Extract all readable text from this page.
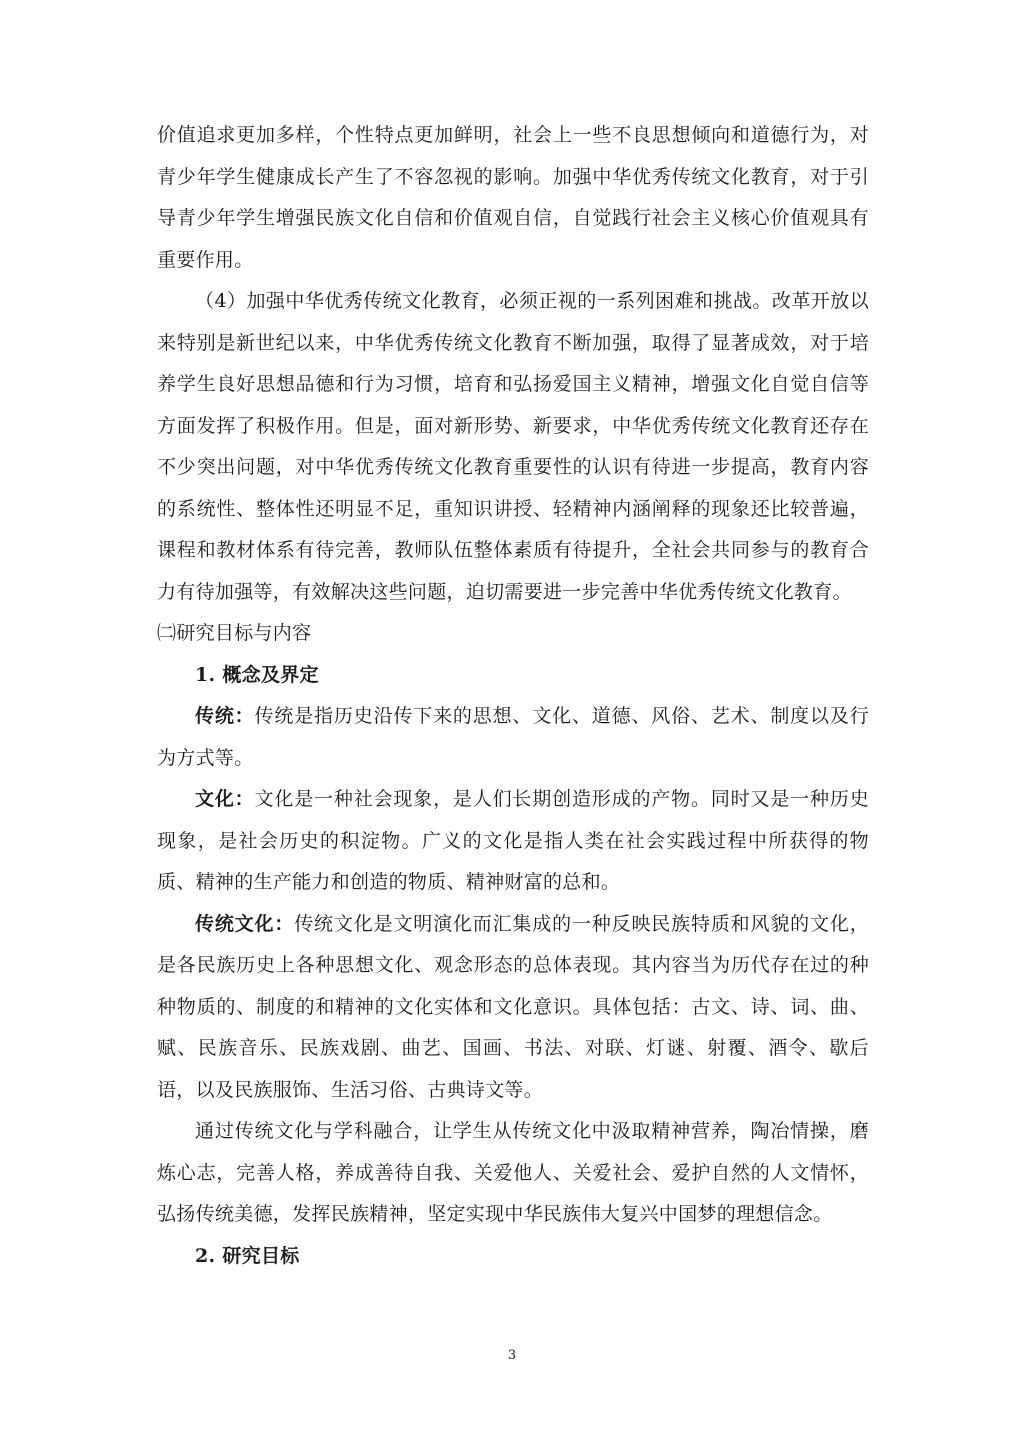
价值追求更加多样，个性特点更加鲜明，社会上一些不良思想倾向和道德行为，对青少年学生健康成长产生了不容忽视的影响。加强中华优秀传统文化教育，对于引导青少年学生增强民族文化自信和价值观自信，自觉践行社会主义核心价值观具有重要作用。

（4）加强中华优秀传统文化教育，必须正视的一系列困难和挑战。改革开放以来特别是新世纪以来，中华优秀传统文化教育不断加强，取得了显著成效，对于培养学生良好思想品德和行为习惯，培育和弘扬爱国主义精神，增强文化自觉自信等方面发挥了积极作用。但是，面对新形势、新要求，中华优秀传统文化教育还存在不少突出问题，对中华优秀传统文化教育重要性的认识有待进一步提高，教育内容的系统性、整体性还明显不足，重知识讲授、轻精神内涵阐释的现象还比较普遍，课程和教材体系有待完善，教师队伍整体素质有待提升，全社会共同参与的教育合力有待加强等，有效解决这些问题，迫切需要进一步完善中华优秀传统文化教育。

㈡研究目标与内容

1. 概念及界定

传统：传统是指历史沿传下来的思想、文化、道德、风俗、艺术、制度以及行为方式等。

文化：文化是一种社会现象，是人们长期创造形成的产物。同时又是一种历史现象，是社会历史的积淀物。广义的文化是指人类在社会实践过程中所获得的物质、精神的生产能力和创造的物质、精神财富的总和。

传统文化：传统文化是文明演化而汇集成的一种反映民族特质和风貌的文化，是各民族历史上各种思想文化、观念形态的总体表现。其内容当为历代存在过的种种物质的、制度的和精神的文化实体和文化意识。具体包括：古文、诗、词、曲、赋、民族音乐、民族戏剧、曲艺、国画、书法、对联、灯谜、射覆、酒令、歇后语，以及民族服饰、生活习俗、古典诗文等。

通过传统文化与学科融合，让学生从传统文化中汲取精神营养，陶冶情操，磨炼心志，完善人格，养成善待自我、关爱他人、关爱社会、爱护自然的人文情怀，弘扬传统美德，发挥民族精神，坚定实现中华民族伟大复兴中国梦的理想信念。

2. 研究目标

3
